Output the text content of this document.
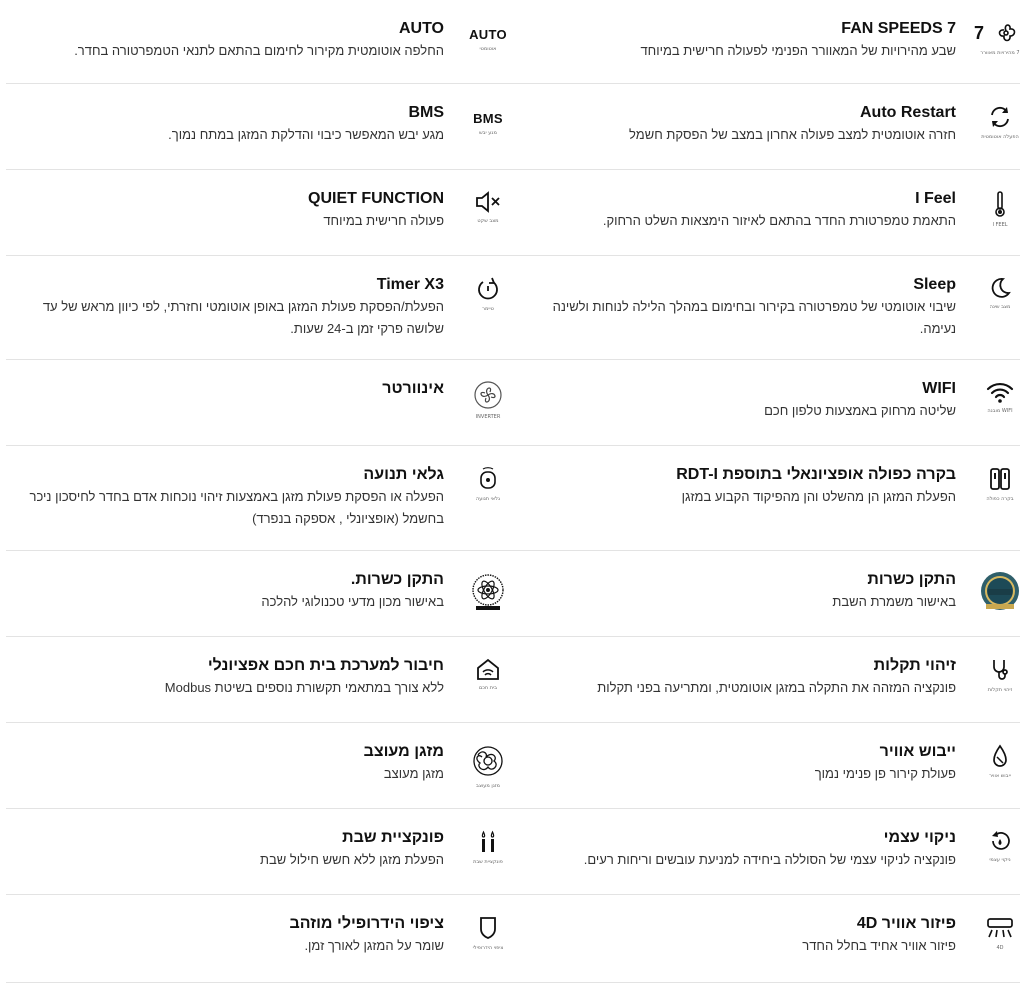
7
7 מהירויות מאוורר
FAN SPEEDS 7
שבע מהירויות של המאוורר הפנימי לפעולה חרישית במיוחד
AUTO
אוטומטי
AUTO
החלפה אוטומטית מקירור לחימום בהתאם לתנאי הטמפרטורה בחדר.
הפעלה אוטומטית
Auto Restart
חזרה אוטומטית למצב פעולה אחרון במצב של הפסקת חשמל
BMS
מגע יבש
BMS
מגע יבש המאפשר כיבוי והדלקת המזגן במתח נמוך.
I FEEL
I Feel
התאמת טמפרטורת החדר בהתאם לאיזור הימצאות השלט הרחוק.
מצב שקט
QUIET FUNCTION
פעולה חרישית במיוחד
מצב שינה
Sleep
שיבוי אוטומטי של טמפרטורה בקירור ובחימום במהלך הלילה לנוחות ולשינה נעימה.
טיימר
Timer X3
הפעלת/הפסקת פעולת המזגן באופן אוטומטי וחזרתי, לפי כיוון מראש של עד שלושה פרקי זמן ב-24 שעות.
WIFI מובנה
WIFI
שליטה מרחוק באמצעות טלפון חכם
INVERTER
אינוורטר
בקרה כפולה
בקרה כפולה אופציונאלי בתוספת RDT-I
הפעלת המזגן הן מהשלט והן מהפיקוד הקבוע במזגן
גלאי תנועה
גלאי תנועה
הפעלה או הפסקת פעולת מזגן באמצעות זיהוי נוכחות אדם בחדר לחיסכון ניכר בחשמל (אופציונלי , אספקה בנפרד)
התקן כשרות
באישור משמרת השבת
התקן כשרות.
באישור מכון מדעי טכנולוגי להלכה
זיהוי תקלות
זיהוי תקלות
פונקציה המזהה את התקלה במזגן אוטומטית, ומתריעה בפני תקלות
בית חכם
חיבור למערכת בית חכם אפציונלי
ללא צורך במתאמי תקשורת נוספים בשיטת Modbus
ייבוש אוויר
ייבוש אוויר
פעולת קירור פן פנימי נמוך
מזגן מעוצב
מזגן מעוצב
מזגן מעוצב
ניקוי עצמי
ניקוי עצמי
פונקציה לניקוי עצמי של הסוללה ביחידה למניעת עובשים וריחות רעים.
פונקציית שבת
פונקציית שבת
הפעלת מזגן ללא חשש חילול שבת
4D
פיזור אוויר 4D
פיזור אוויר אחיד בחלל החדר
ציפוי הידרופילי
ציפוי הידרופילי מוזהב
שומר על המזגן לאורך זמן.
